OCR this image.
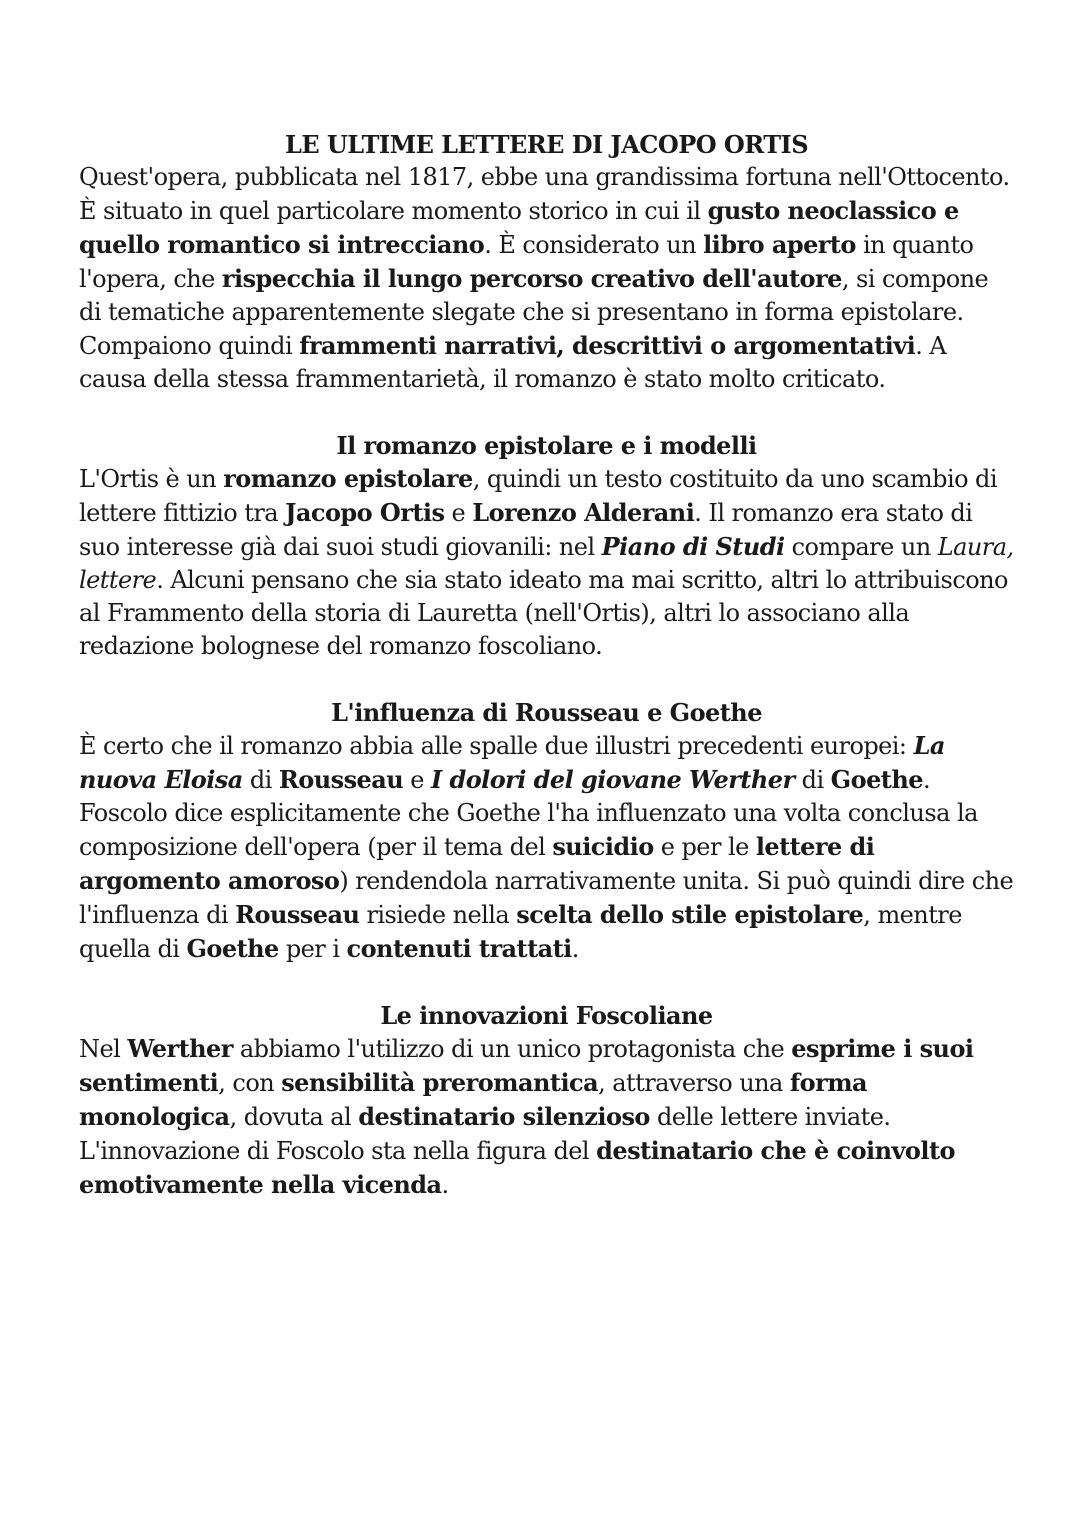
LE ULTIME LETTERE DI JACOPO ORTIS

Quest'opera, pubblicata nel 1817, ebbe una grandissima fortuna nell'Ottocento. È situato in quel particolare momento storico in cui il gusto neoclassico e quello romantico si intrecciano. È considerato un libro aperto in quanto l'opera, che rispecchia il lungo percorso creativo dell'autore, si compone di tematiche apparentemente slegate che si presentano in forma epistolare. Compaiono quindi frammenti narrativi, descrittivi o argomentativi. A causa della stessa frammentarietà, il romanzo è stato molto criticato.

Il romanzo epistolare e i modelli

L'Ortis è un romanzo epistolare, quindi un testo costituito da uno scambio di lettere fittizio tra Jacopo Ortis e Lorenzo Alderani. Il romanzo era stato di suo interesse già dai suoi studi giovanili: nel Piano di Studi compare un Laura, lettere. Alcuni pensano che sia stato ideato ma mai scritto, altri lo attribuiscono al Frammento della storia di Lauretta (nell'Ortis), altri lo associano alla redazione bolognese del romanzo foscoliano.

L'influenza di Rousseau e Goethe

È certo che il romanzo abbia alle spalle due illustri precedenti europei: La nuova Eloisa di Rousseau e I dolori del giovane Werther di Goethe. Foscolo dice esplicitamente che Goethe l'ha influenzato una volta conclusa la composizione dell'opera (per il tema del suicidio e per le lettere di argomento amoroso) rendendola narrativamente unita. Si può quindi dire che l'influenza di Rousseau risiede nella scelta dello stile epistolare, mentre quella di Goethe per i contenuti trattati.

Le innovazioni Foscoliane

Nel Werther abbiamo l'utilizzo di un unico protagonista che esprime i suoi sentimenti, con sensibilità preromantica, attraverso una forma monologica, dovuta al destinatario silenzioso delle lettere inviate. L'innovazione di Foscolo sta nella figura del destinatario che è coinvolto emotivamente nella vicenda.
